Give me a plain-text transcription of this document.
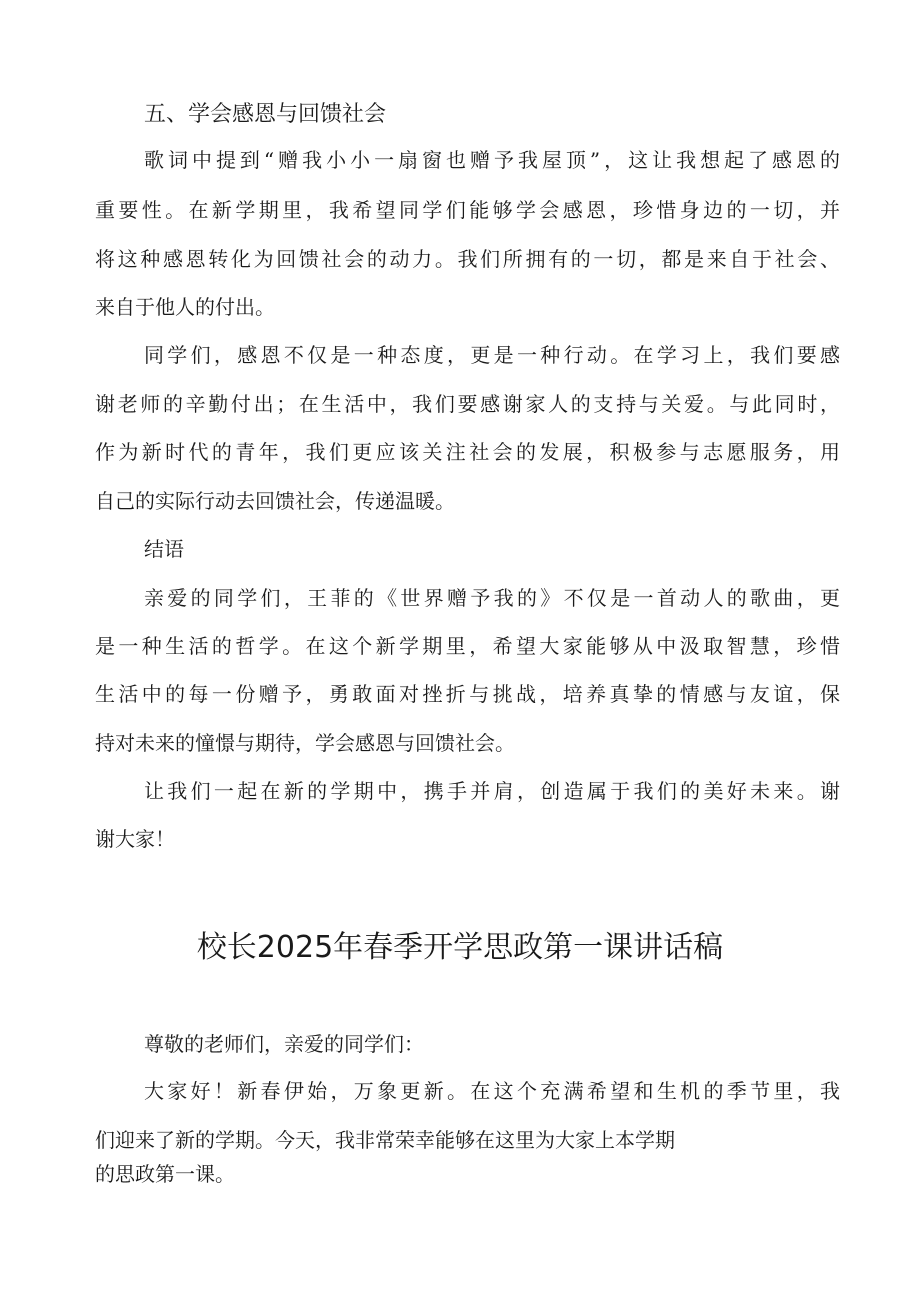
五、学会感恩与回馈社会
歌词中提到“赠我小小一扇窗也赠予我屋顶”，这让我想起了感恩的
重要性。在新学期里，我希望同学们能够学会感恩，珍惜身边的一切，并
将这种感恩转化为回馈社会的动力。我们所拥有的一切，都是来自于社会、
来自于他人的付出。
同学们，感恩不仅是一种态度，更是一种行动。在学习上，我们要感
谢老师的辛勤付出；在生活中，我们要感谢家人的支持与关爱。与此同时，
作为新时代的青年，我们更应该关注社会的发展，积极参与志愿服务，用
自己的实际行动去回馈社会，传递温暖。
结语
亲爱的同学们，王菲的《世界赠予我的》不仅是一首动人的歌曲，更
是一种生活的哲学。在这个新学期里，希望大家能够从中汲取智慧，珍惜
生活中的每一份赠予，勇敢面对挫折与挑战，培养真挚的情感与友谊，保
持对未来的憧憬与期待，学会感恩与回馈社会。
让我们一起在新的学期中，携手并肩，创造属于我们的美好未来。谢
谢大家！
校长2025年春季开学思政第一课讲话稿
尊敬的老师们，亲爱的同学们：
大家好！新春伊始，万象更新。在这个充满希望和生机的季节里，我
们迎来了新的学期。今天，我非常荣幸能够在这里为大家上本学期
的思政第一课。
